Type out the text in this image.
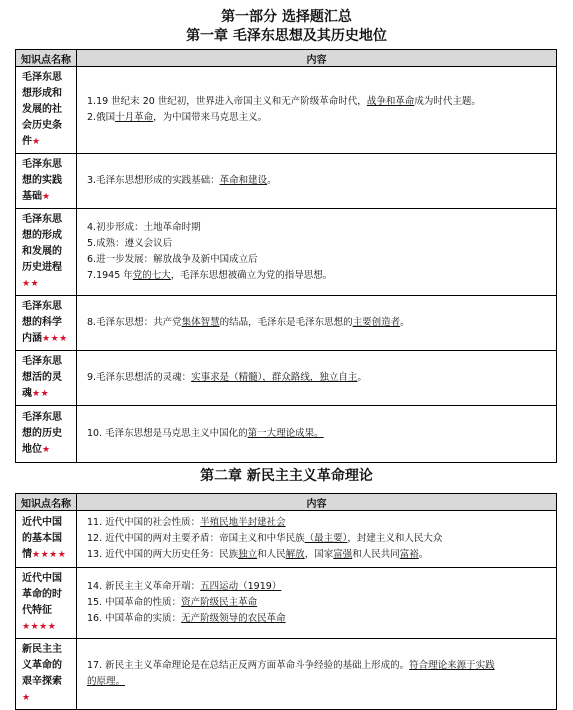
第一部分 选择题汇总
第一章 毛泽东思想及其历史地位
知识点名称	内容
毛泽东思想形成和发展的社会历史条件★	1.19 世纪末 20 世纪初，世界进入帝国主义和无产阶级革命时代，战争和革命成为时代主题。
2.俄国十月革命，为中国带来马克思主义。

毛泽东思想的实践基础★	3.毛泽东思想形成的实践基础：革命和建设。

毛泽东思想的形成和发展的历史进程★★	4.初步形成：土地革命时期
5.成熟：遵义会议后
6.进一步发展：解放战争及新中国成立后
7.1945 年党的七大，毛泽东思想被确立为党的指导思想。

毛泽东思想的科学内涵★★★	8.毛泽东思想：共产党集体智慧的结晶，毛泽东是毛泽东思想的主要创造者。

毛泽东思想活的灵魂★★	9.毛泽东思想活的灵魂：实事求是（精髓），群众路线，独立自主。

毛泽东思想的历史地位★	10. 毛泽东思想是马克思主义中国化的第一大理论成果。
第二章 新民主主义革命理论
知识点名称	内容
近代中国的基本国情★★★★	11. 近代中国的社会性质：半殖民地半封建社会
12. 近代中国的两对主要矛盾：帝国主义和中华民族（最主要），封建主义和人民大众
13. 近代中国的两大历史任务：民族独立和人民解放，国家富强和人民共同富裕。

近代中国革命的时代特征★★★★	14. 新民主主义革命开端：五四运动（1919）
15. 中国革命的性质：资产阶级民主革命
16. 中国革命的实质：无产阶级领导的农民革命

新民主主义革命的艰辛探索★	17. 新民主主义革命理论是在总结正反两方面革命斗争经验的基础上形成的。符合理论来源于实践
的原理。
